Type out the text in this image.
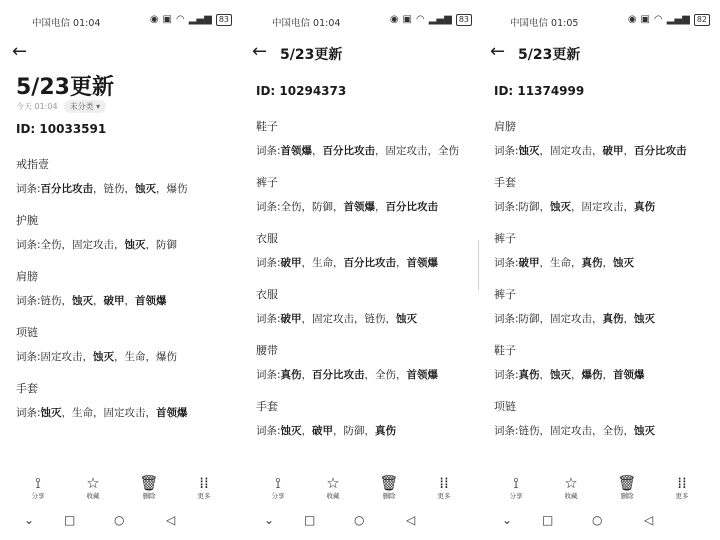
中国电信 01:04	◉ ▣ ◠ ▂▄▆ 83
←
5/23更新
今天 01:04	未分类 ▾
ID: 10033591
戒指壹
词条:百分比攻击，链伤，蚀灭，爆伤
护腕
词条:全伤，固定攻击，蚀灭，防御
肩膀
词条:链伤，蚀灭，破甲，首领爆
项链
词条:固定攻击，蚀灭，生命，爆伤
手套
词条:蚀灭，生命，固定攻击，首领爆
⟟
分享
☆
收藏
🗑
删除
⁞⁞
更多
⌄ □	○	◁
中国电信 01:04	◉ ▣ ◠ ▂▄▆ 83
← 5/23更新
ID: 10294373
鞋子
词条:首领爆，百分比攻击，固定攻击，全伤
裤子
词条:全伤，防御，首领爆，百分比攻击
衣服
词条:破甲，生命，百分比攻击，首领爆
衣服
词条:破甲，固定攻击，链伤，蚀灭
腰带
词条:真伤，百分比攻击，全伤，首领爆
手套
词条:蚀灭，破甲，防御，真伤
⟟
分享
☆
收藏
🗑
删除
⁞⁞
更多
⌄ □	○	◁
中国电信 01:05	◉ ▣ ◠ ▂▄▆ 82
← 5/23更新
ID: 11374999
肩膀
词条:蚀灭，固定攻击，破甲，百分比攻击
手套
词条:防御，蚀灭，固定攻击，真伤
裤子
词条:破甲，生命，真伤，蚀灭
裤子
词条:防御，固定攻击，真伤，蚀灭
鞋子
词条:真伤，蚀灭，爆伤，首领爆
项链
词条:链伤，固定攻击，全伤，蚀灭
⟟
分享
☆
收藏
🗑
删除
⁞⁞
更多
⌄ □	○	◁
